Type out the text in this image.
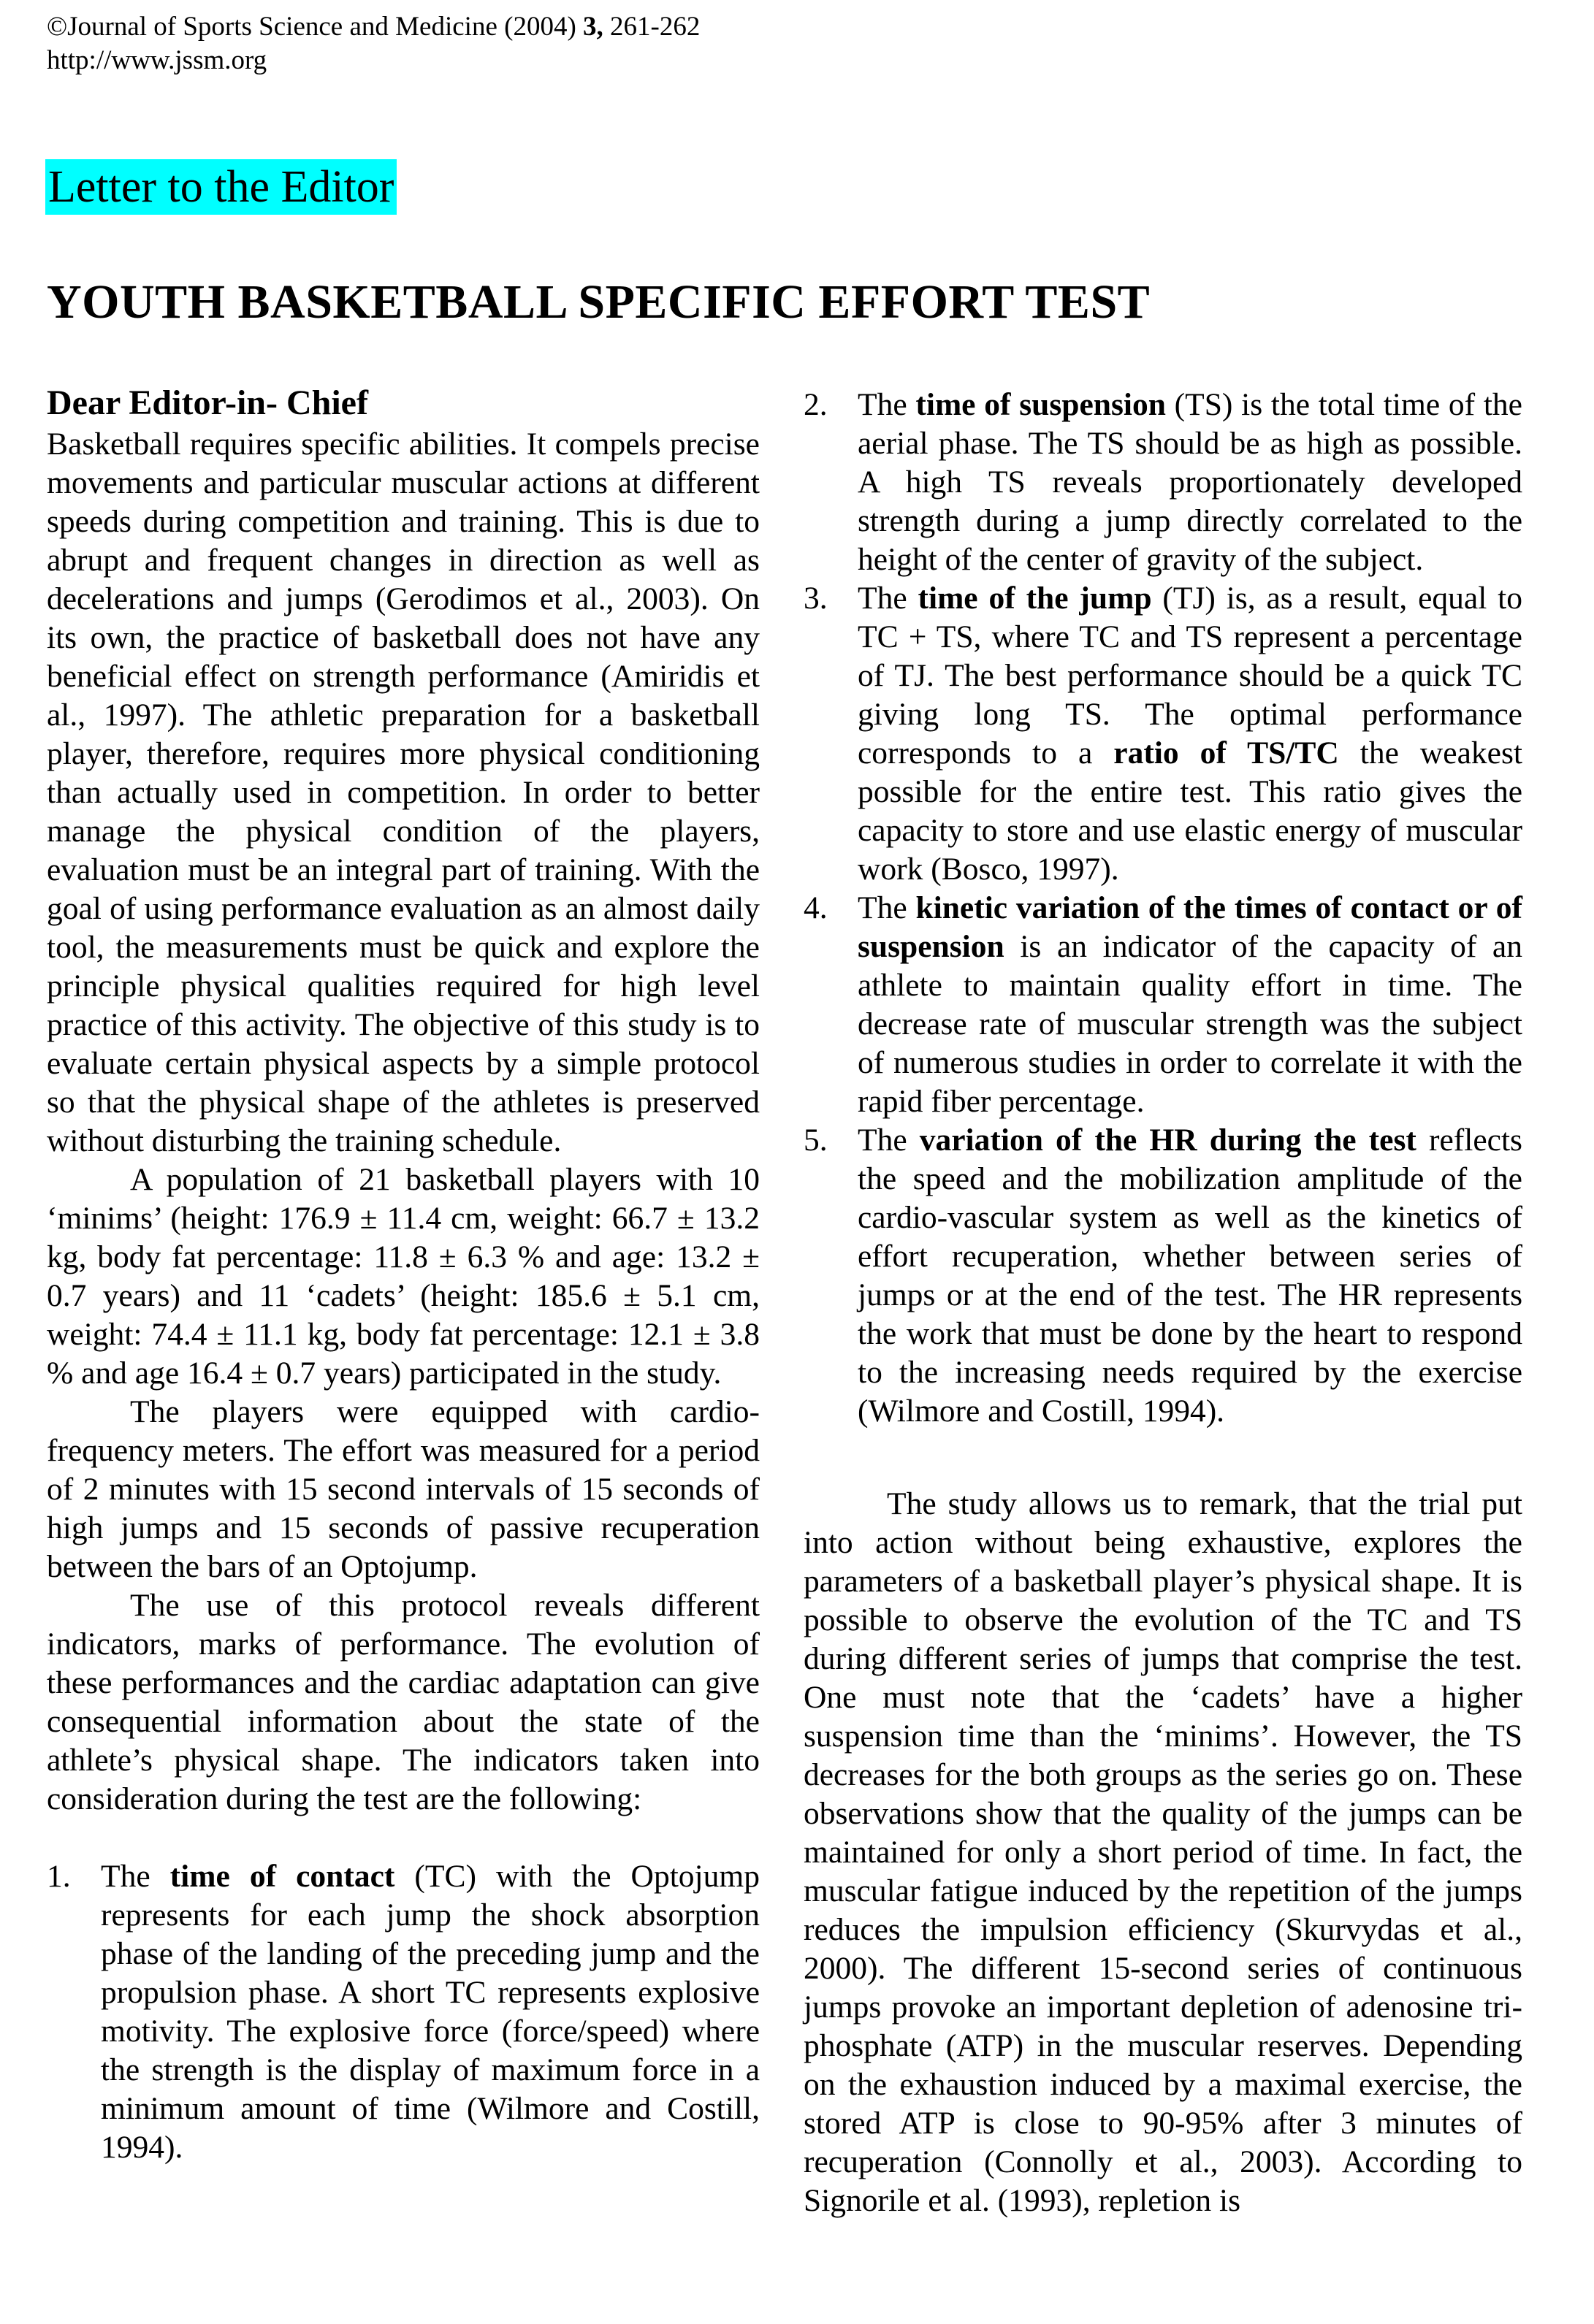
©Journal of Sports Science and Medicine (2004) 3, 261-262
http://www.jssm.org
Letter to the Editor
YOUTH BASKETBALL SPECIFIC EFFORT TEST

Dear Editor-in- Chief

Basketball requires specific abilities. It compels precise movements and particular muscular actions at different speeds during competition and training. This is due to abrupt and frequent changes in direction as well as decelerations and jumps (Gerodimos et al., 2003). On its own, the practice of basketball does not have any beneficial effect on strength performance (Amiridis et al., 1997). The athletic preparation for a basketball player, therefore, requires more physical conditioning than actually used in competition. In order to better manage the physical condition of the players, evaluation must be an integral part of training. With the goal of using performance evaluation as an almost daily tool, the measurements must be quick and explore the principle physical qualities required for high level practice of this activity. The objective of this study is to evaluate certain physical aspects by a simple protocol so that the physical shape of the athletes is preserved without disturbing the training schedule.

A population of 21 basketball players with 10 ‘minims’ (height: 176.9 ± 11.4 cm, weight: 66.7 ± 13.2 kg, body fat percentage: 11.8 ± 6.3 % and age: 13.2 ± 0.7 years) and 11 ‘cadets’ (height: 185.6 ± 5.1 cm, weight: 74.4 ± 11.1 kg, body fat percentage: 12.1 ± 3.8 % and age 16.4 ± 0.7 years) participated in the study.

The players were equipped with cardio-frequency meters. The effort was measured for a period of 2 minutes with 15 second intervals of 15 seconds of high jumps and 15 seconds of passive recuperation between the bars of an Optojump.

The use of this protocol reveals different indicators, marks of performance. The evolution of these performances and the cardiac adaptation can give consequential information about the state of the athlete’s physical shape. The indicators taken into consideration during the test are the following:

1. The time of contact (TC) with the Optojump represents for each jump the shock absorption phase of the landing of the preceding jump and the propulsion phase. A short TC represents explosive motivity. The explosive force (force/speed) where the strength is the display of maximum force in a minimum amount of time (Wilmore and Costill, 1994).
2. The time of suspension (TS) is the total time of the aerial phase. The TS should be as high as possible. A high TS reveals proportionately developed strength during a jump directly correlated to the height of the center of gravity of the subject.
3. The time of the jump (TJ) is, as a result, equal to TC + TS, where TC and TS represent a percentage of TJ. The best performance should be a quick TC giving long TS. The optimal performance corresponds to a ratio of TS/TC the weakest possible for the entire test. This ratio gives the capacity to store and use elastic energy of muscular work (Bosco, 1997).
4. The kinetic variation of the times of contact or of suspension is an indicator of the capacity of an athlete to maintain quality effort in time. The decrease rate of muscular strength was the subject of numerous studies in order to correlate it with the rapid fiber percentage.
5. The variation of the HR during the test reflects the speed and the mobilization amplitude of the cardio-vascular system as well as the kinetics of effort recuperation, whether between series of jumps or at the end of the test. The HR represents the work that must be done by the heart to respond to the increasing needs required by the exercise (Wilmore and Costill, 1994).

The study allows us to remark, that the trial put into action without being exhaustive, explores the parameters of a basketball player’s physical shape. It is possible to observe the evolution of the TC and TS during different series of jumps that comprise the test. One must note that the ‘cadets’ have a higher suspension time than the ‘minims’. However, the TS decreases for the both groups as the series go on. These observations show that the quality of the jumps can be maintained for only a short period of time. In fact, the muscular fatigue induced by the repetition of the jumps reduces the impulsion efficiency (Skurvydas et al., 2000). The different 15-second series of continuous jumps provoke an important depletion of adenosine tri-phosphate (ATP) in the muscular reserves. Depending on the exhaustion induced by a maximal exercise, the stored ATP is close to 90-95% after 3 minutes of recuperation (Connolly et al., 2003). According to Signorile et al. (1993), repletion is
